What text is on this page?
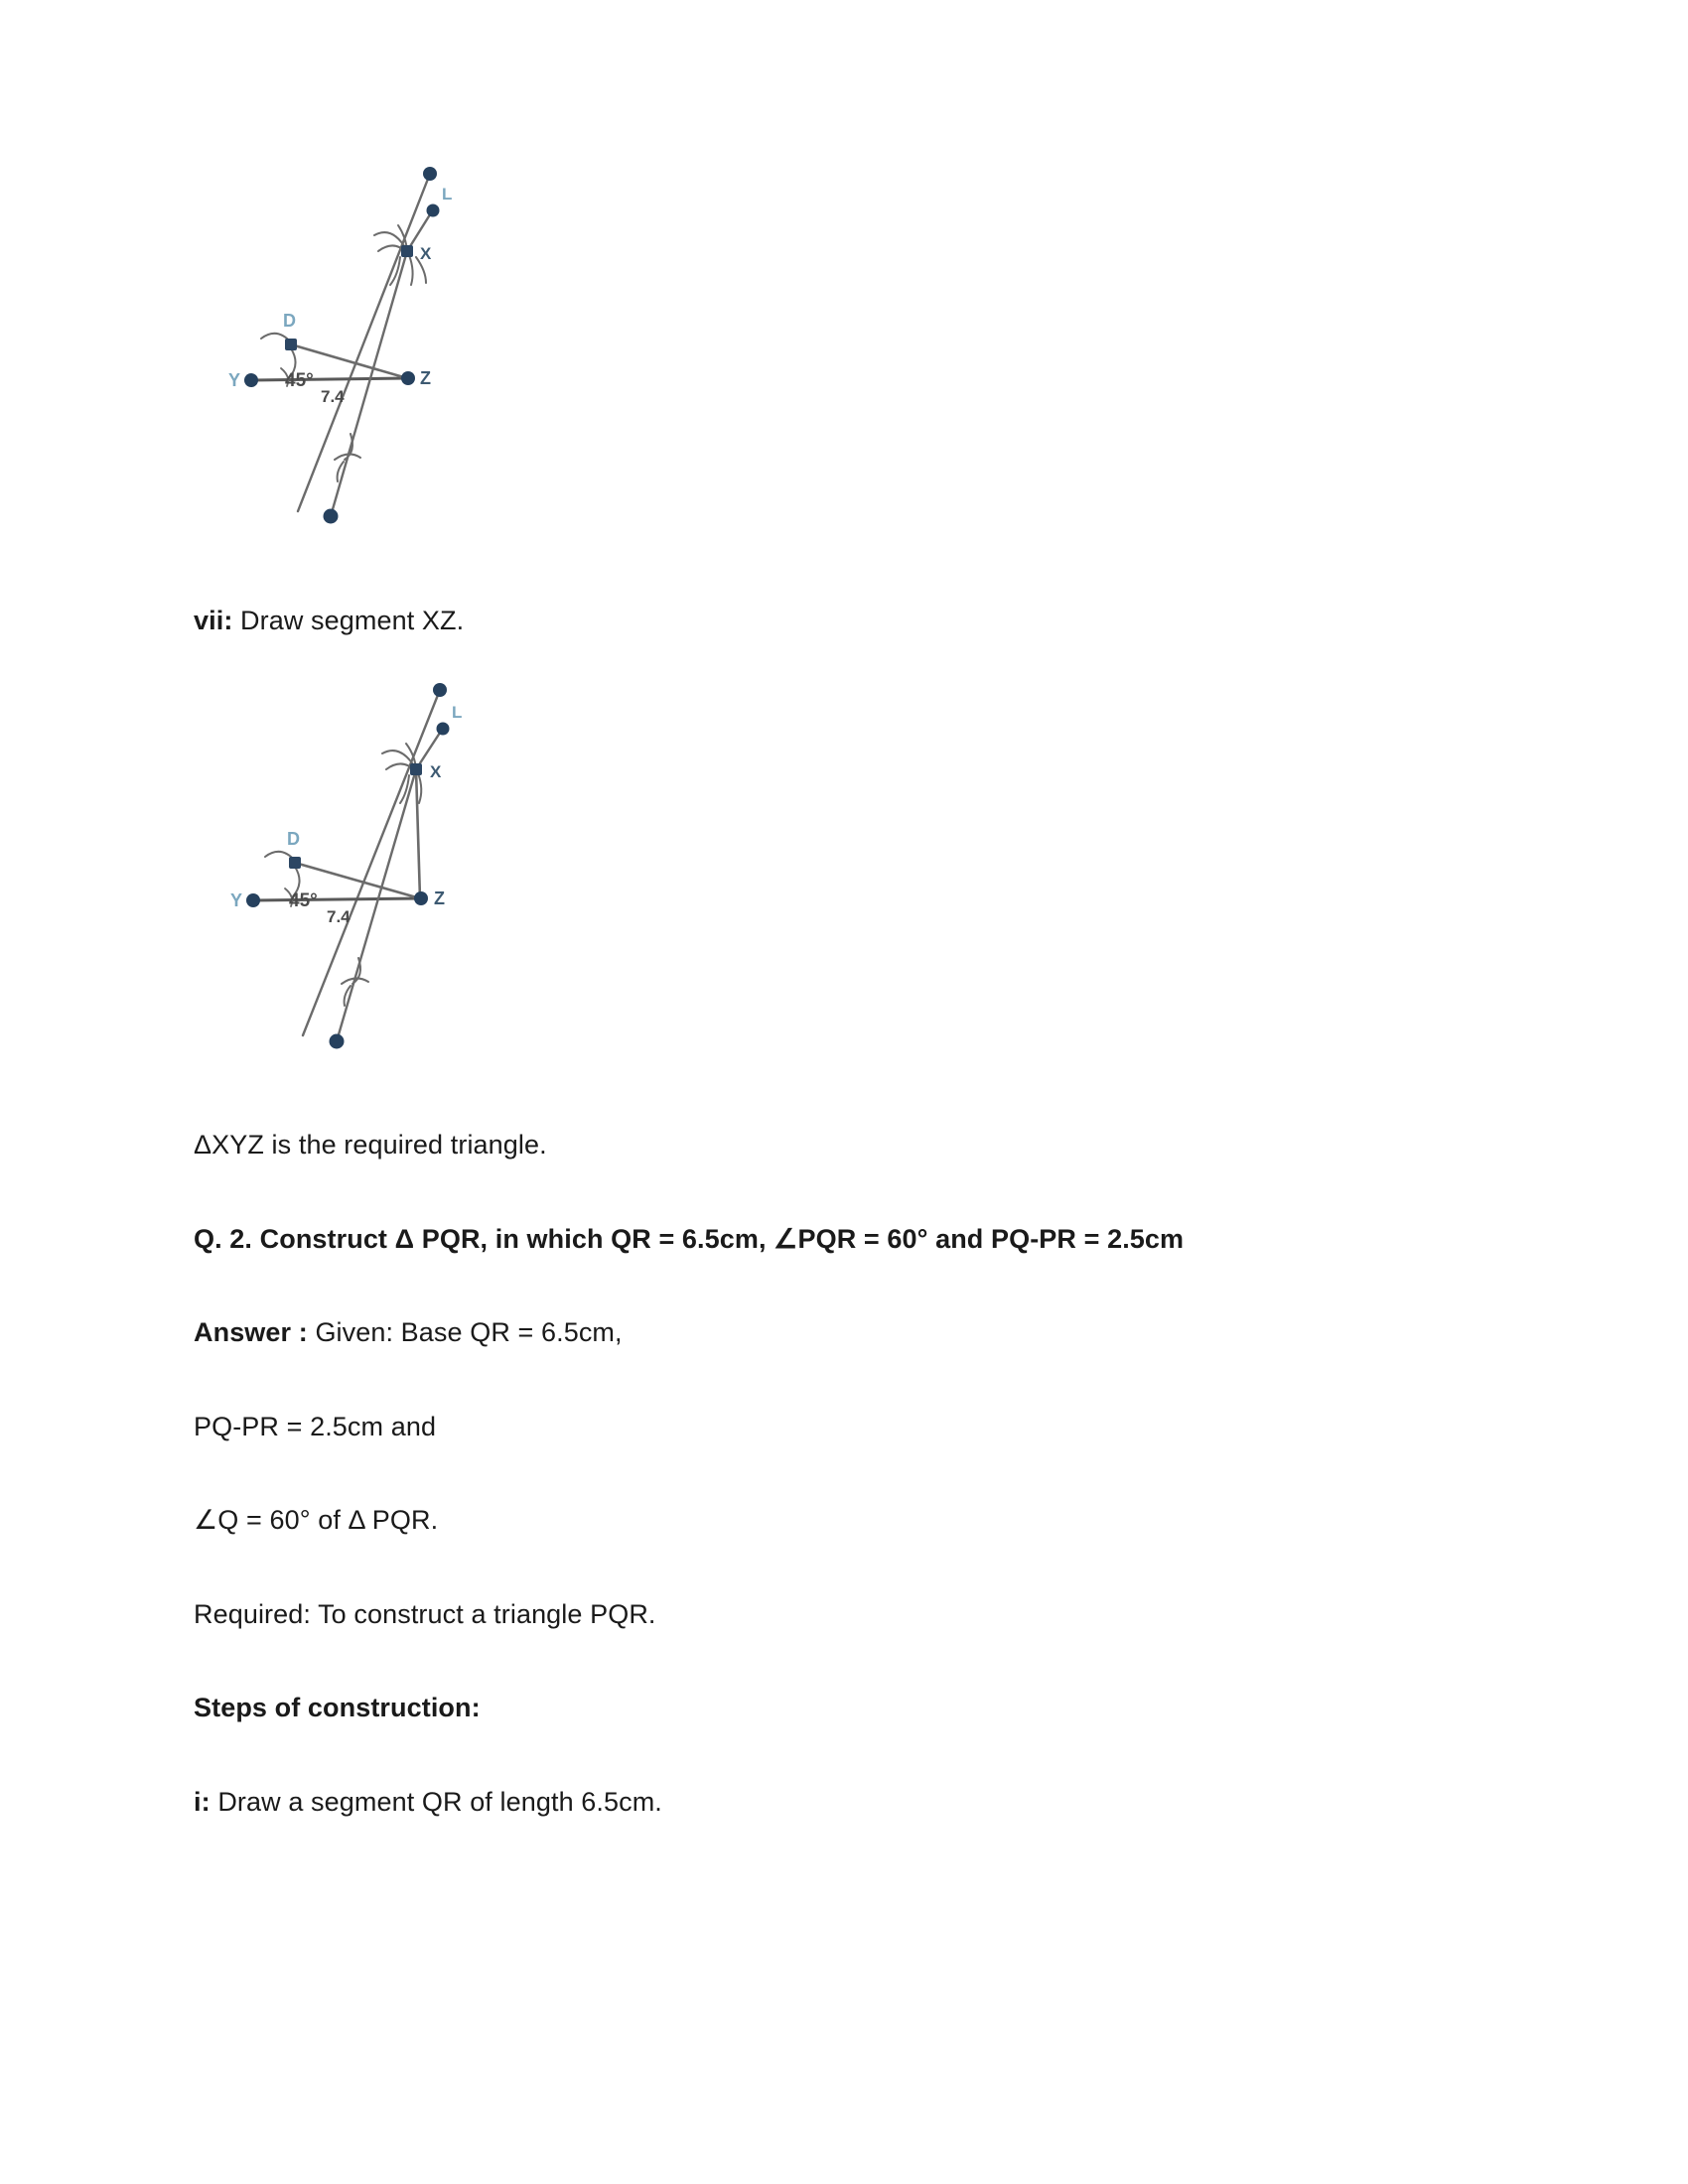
L
X
D
Y	Z
7.4
45°
vii: Draw segment XZ.
L
X
D
Y	Z
7.4
45°
ΔXYZ is the required triangle.
Q. 2. Construct Δ PQR, in which QR = 6.5cm, ∠PQR = 60° and PQ-PR = 2.5cm
Answer : Given: Base QR = 6.5cm,
PQ-PR = 2.5cm and
∠Q = 60° of Δ PQR.
Required: To construct a triangle PQR.
Steps of construction:
i: Draw a segment QR of length 6.5cm.
